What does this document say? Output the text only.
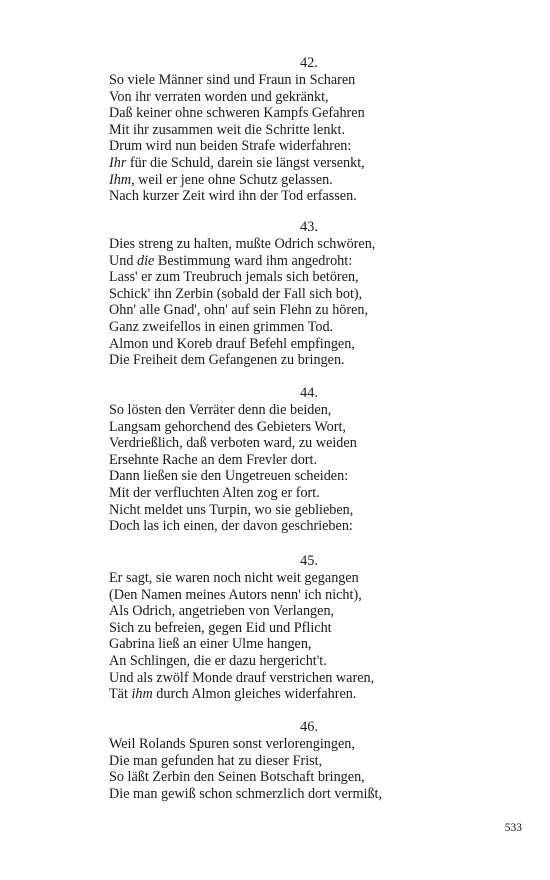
42.
So viele Männer sind und Fraun in Scharen
Von ihr verraten worden und gekränkt,
Daß keiner ohne schweren Kampfs Gefahren
Mit ihr zusammen weit die Schritte lenkt.
Drum wird nun beiden Strafe widerfahren:
Ihr für die Schuld, darein sie längst versenkt,
Ihm, weil er jene ohne Schutz gelassen.
Nach kurzer Zeit wird ihn der Tod erfassen.
43.
Dies streng zu halten, mußte Odrich schwören,
Und die Bestimmung ward ihm angedroht:
Lass' er zum Treubruch jemals sich betören,
Schick' ihn Zerbin (sobald der Fall sich bot),
Ohn' alle Gnad', ohn' auf sein Flehn zu hören,
Ganz zweifellos in einen grimmen Tod.
Almon und Koreb drauf Befehl empfingen,
Die Freiheit dem Gefangenen zu bringen.
44.
So lösten den Verräter denn die beiden,
Langsam gehorchend des Gebieters Wort,
Verdrießlich, daß verboten ward, zu weiden
Ersehnte Rache an dem Frevler dort.
Dann ließen sie den Ungetreuen scheiden:
Mit der verfluchten Alten zog er fort.
Nicht meldet uns Turpin, wo sie geblieben,
Doch las ich einen, der davon geschrieben:
45.
Er sagt, sie waren noch nicht weit gegangen
(Den Namen meines Autors nenn' ich nicht),
Als Odrich, angetrieben von Verlangen,
Sich zu befreien, gegen Eid und Pflicht
Gabrina ließ an einer Ulme hangen,
An Schlingen, die er dazu hergericht't.
Und als zwölf Monde drauf verstrichen waren,
Tät ihm durch Almon gleiches widerfahren.
46.
Weil Rolands Spuren sonst verlorengingen,
Die man gefunden hat zu dieser Frist,
So läßt Zerbin den Seinen Botschaft bringen,
Die man gewiß schon schmerzlich dort vermißt,
533
